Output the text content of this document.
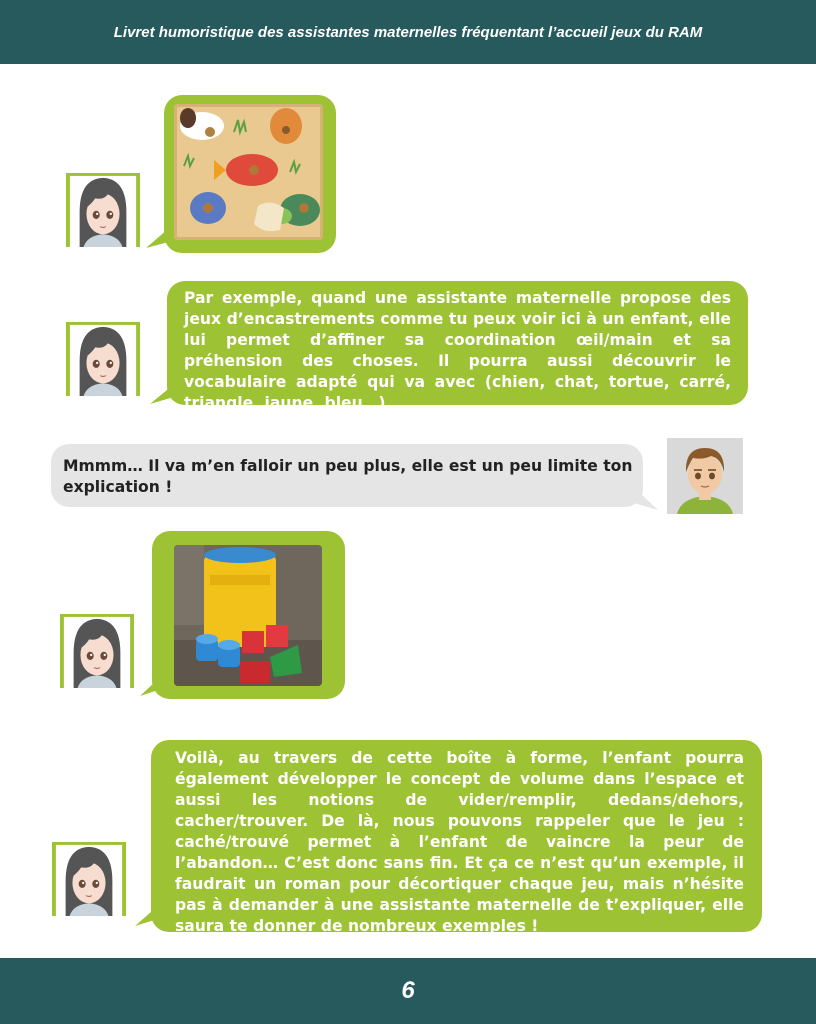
Livret humoristique des assistantes maternelles fréquentant l’accueil jeux du RAM
Par exemple, quand une assistante maternelle propose des jeux d’encastrements comme tu peux voir ici à un enfant, elle lui permet d’affiner sa coordination œil/main et sa préhension des choses. Il pourra aussi découvrir le vocabulaire adapté qui va avec (chien, chat, tortue, carré, triangle, jaune, bleu…).
Mmmm… Il va m’en falloir un peu plus, elle est un peu limite ton explication !
Voilà, au travers de cette boîte à forme, l’enfant pourra également développer le concept de volume dans l’espace et aussi les notions de vider/remplir, dedans/dehors, cacher/trouver. De là, nous pouvons rappeler que le jeu : caché/trouvé permet à l’enfant de vaincre la peur de l’abandon… C’est donc sans fin. Et ça ce n’est qu’un exemple, il faudrait un roman pour décortiquer chaque jeu, mais n’hésite pas à demander à une assistante maternelle de t’expliquer, elle saura te donner de nombreux exemples !
6
